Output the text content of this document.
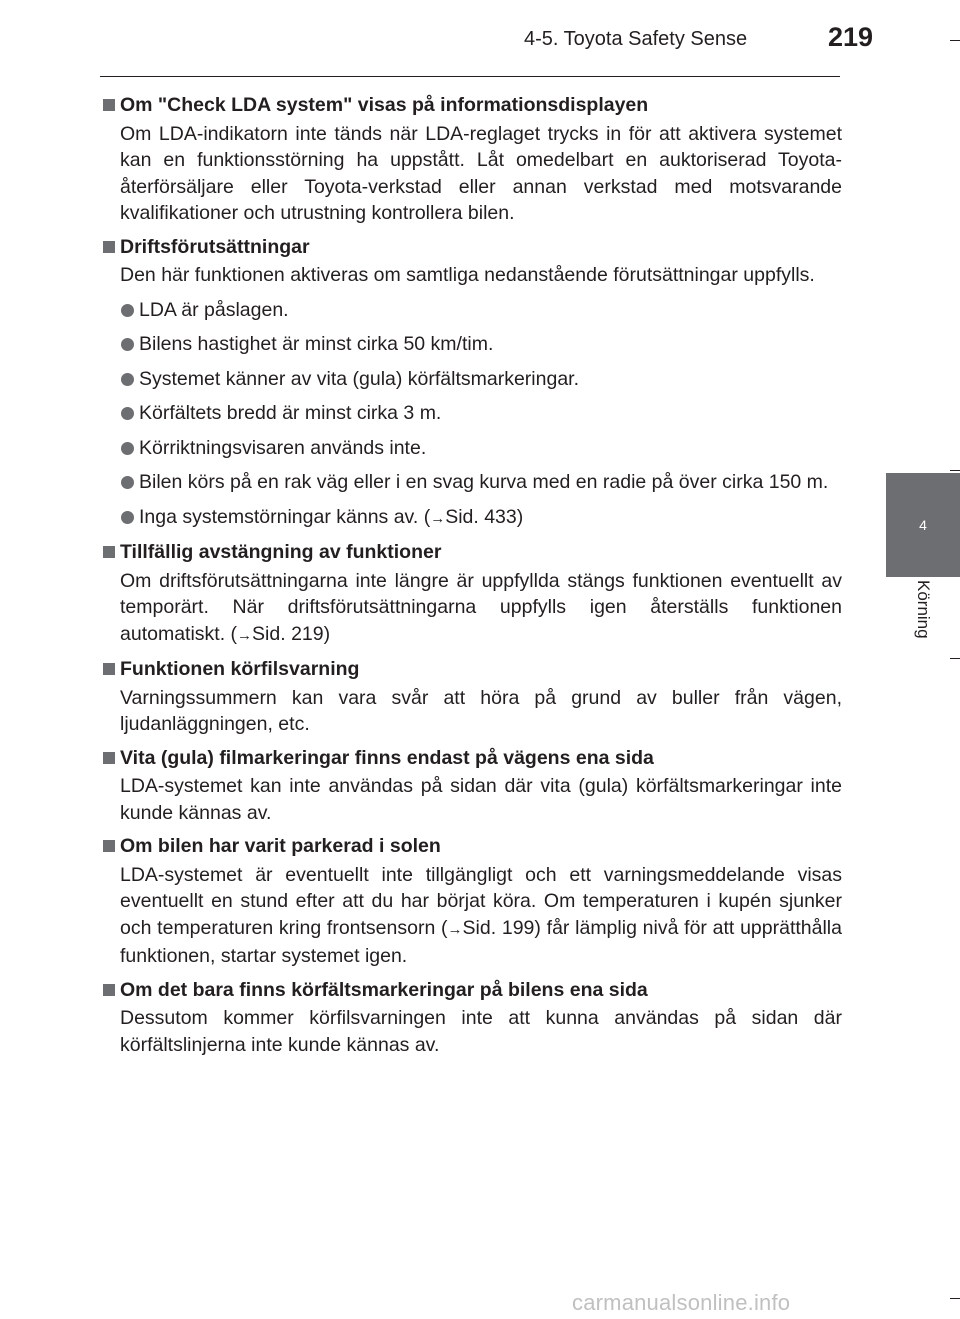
4-5. Toyota Safety Sense	219
4
Körning
Om "Check LDA system" visas på informationsdisplayen
Om LDA-indikatorn inte tänds när LDA-reglaget trycks in för att aktivera systemet kan en funktionsstörning ha uppstått. Låt omedelbart en auktoriserad Toyota-återförsäljare eller Toyota-verkstad eller annan verkstad med motsvarande kvalifikationer och utrustning kontrollera bilen.
Driftsförutsättningar
Den här funktionen aktiveras om samtliga nedanstående förutsättningar uppfylls.
LDA är påslagen.
Bilens hastighet är minst cirka 50 km/tim.
Systemet känner av vita (gula) körfältsmarkeringar.
Körfältets bredd är minst cirka 3 m.
Körriktningsvisaren används inte.
Bilen körs på en rak väg eller i en svag kurva med en radie på över cirka 150 m.
Inga systemstörningar känns av. (→Sid. 433)
Tillfällig avstängning av funktioner
Om driftsförutsättningarna inte längre är uppfyllda stängs funktionen eventuellt av temporärt. När driftsförutsättningarna uppfylls igen återställs funktionen automatiskt. (→Sid. 219)
Funktionen körfilsvarning
Varningssummern kan vara svår att höra på grund av buller från vägen, ljudanläggningen, etc.
Vita (gula) filmarkeringar finns endast på vägens ena sida
LDA-systemet kan inte användas på sidan där vita (gula) körfältsmarkeringar inte kunde kännas av.
Om bilen har varit parkerad i solen
LDA-systemet är eventuellt inte tillgängligt och ett varningsmeddelande visas eventuellt en stund efter att du har börjat köra. Om temperaturen i kupén sjunker och temperaturen kring frontsensorn (→Sid. 199) får lämplig nivå för att upprätthålla funktionen, startar systemet igen.
Om det bara finns körfältsmarkeringar på bilens ena sida
Dessutom kommer körfilsvarningen inte att kunna användas på sidan där körfältslinjerna inte kunde kännas av.
carmanualsonline.info
